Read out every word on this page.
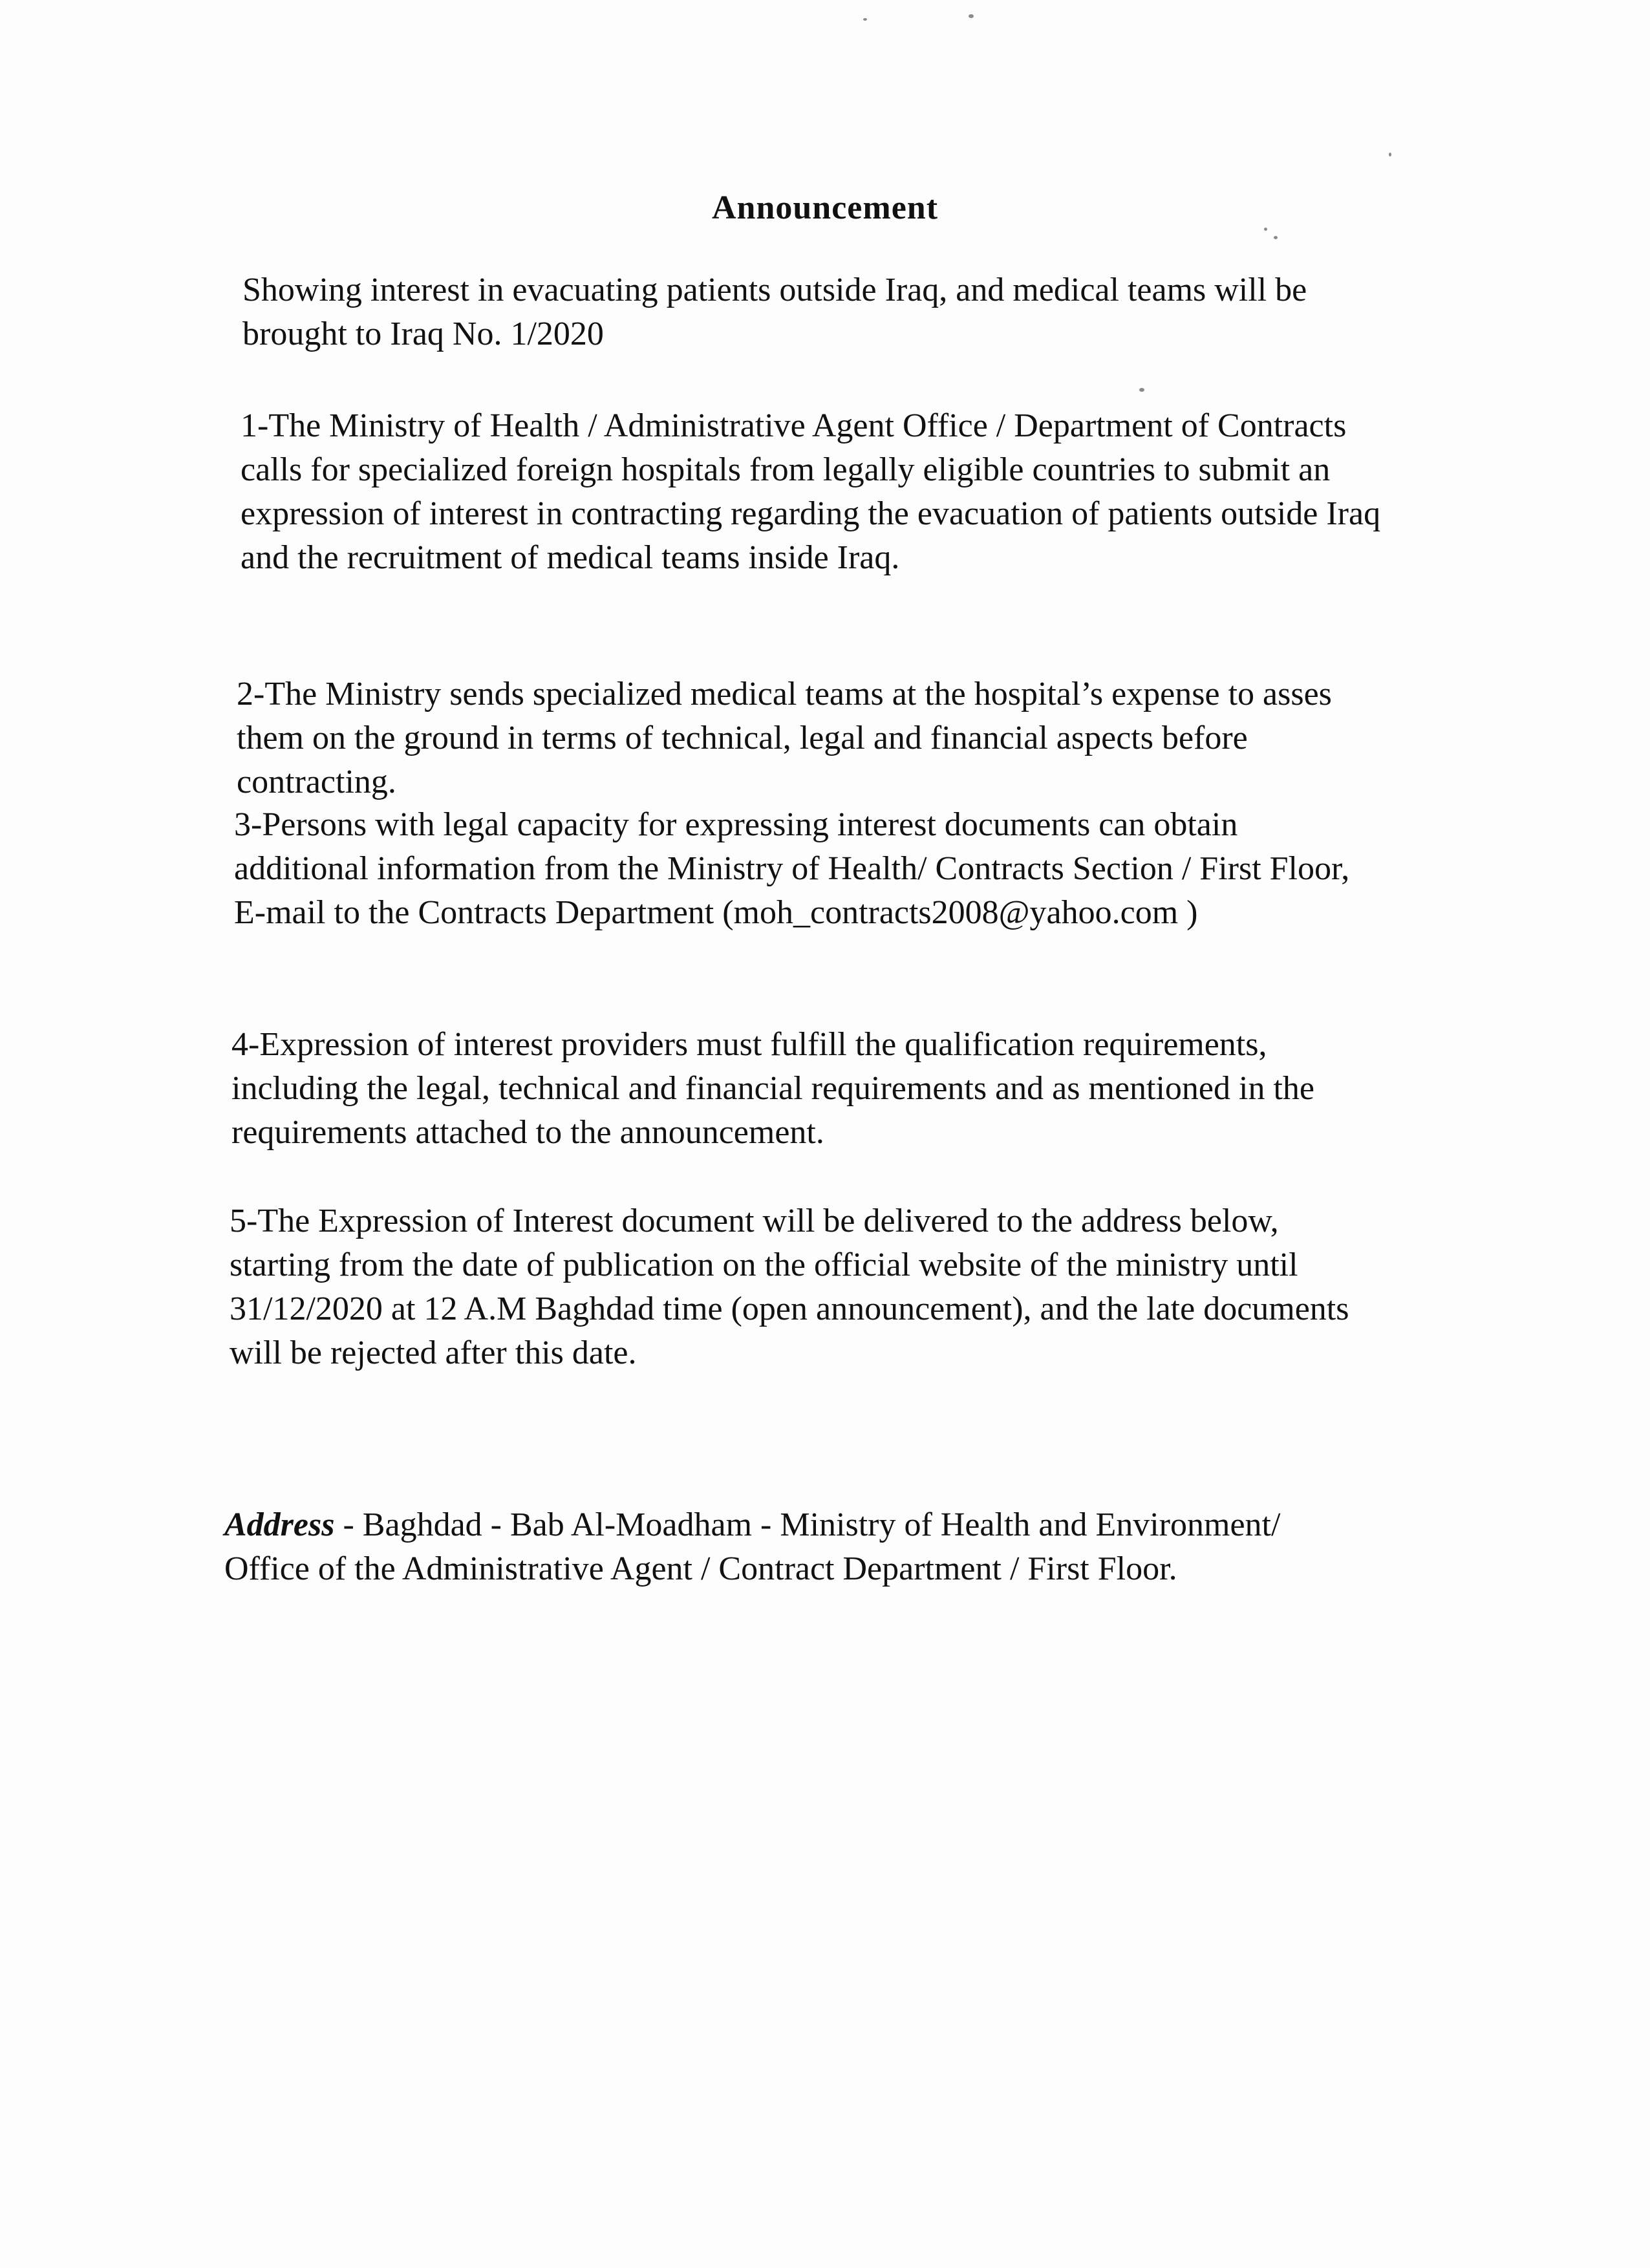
Announcement

Showing interest in evacuating patients outside Iraq, and medical teams will be brought to Iraq No. 1/2020

1-The Ministry of Health / Administrative Agent Office / Department of Contracts calls for specialized foreign hospitals from legally eligible countries to submit an expression of interest in contracting regarding the evacuation of patients outside Iraq and the recruitment of medical teams inside Iraq.

2-The Ministry sends specialized medical teams at the hospital’s expense to asses them on the ground in terms of technical, legal and financial aspects before contracting.

3-Persons with legal capacity for expressing interest documents can obtain additional information from the Ministry of Health/ Contracts Section / First Floor, E-mail to the Contracts Department (moh_contracts2008@yahoo.com )

4-Expression of interest providers must fulfill the qualification requirements, including the legal, technical and financial requirements and as mentioned in the requirements attached to the announcement.

5-The Expression of Interest document will be delivered to the address below, starting from the date of publication on the official website of the ministry until 31/12/2020 at 12 A.M Baghdad time (open announcement), and the late documents will be rejected after this date.

Address - Baghdad - Bab Al-Moadham - Ministry of Health and Environment/ Office of the Administrative Agent / Contract Department / First Floor.
